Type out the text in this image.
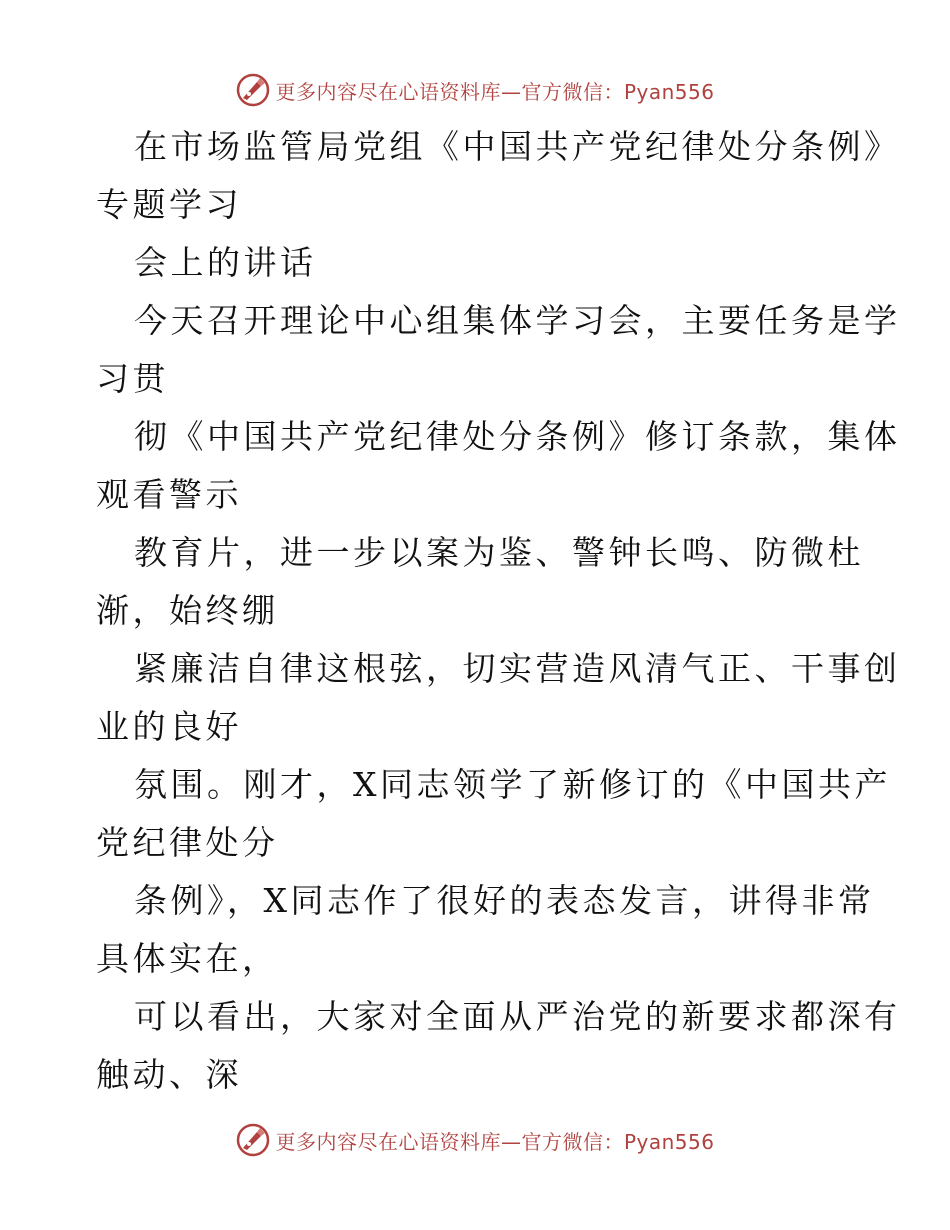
更多内容尽在心语资料库—官方微信：Pyan556
在市场监管局党组《中国共产党纪律处分条例》
专题学习
会上的讲话
今天召开理论中心组集体学习会，主要任务是学
习贯
彻《中国共产党纪律处分条例》修订条款，集体
观看警示
教育片，进一步以案为鉴、警钟长鸣、防微杜
渐，始终绷
紧廉洁自律这根弦，切实营造风清气正、干事创
业的良好
氛围。刚才，X同志领学了新修订的《中国共产
党纪律处分
条例》，X同志作了很好的表态发言，讲得非常
具体实在，
可以看出，大家对全面从严治党的新要求都深有
触动、深
更多内容尽在心语资料库—官方微信：Pyan556
